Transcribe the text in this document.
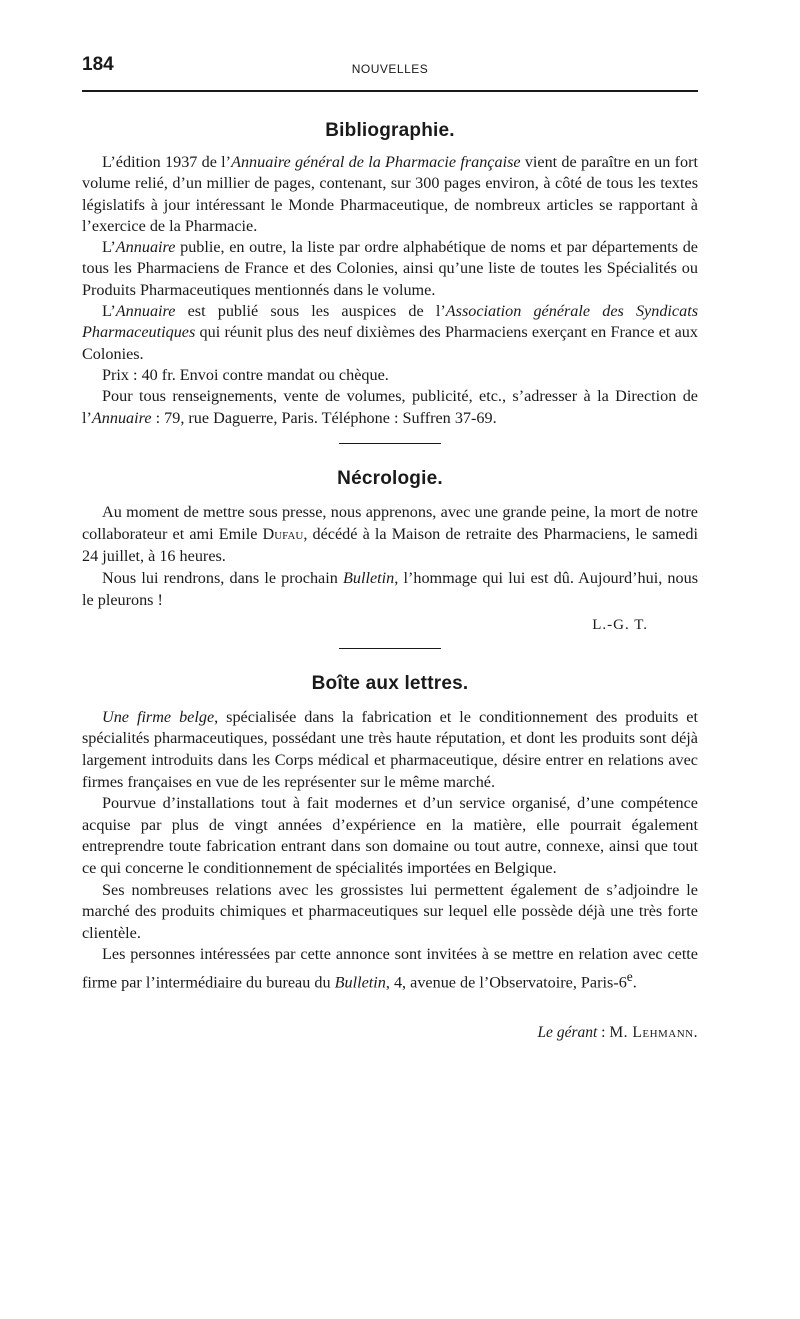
184	NOUVELLES
Bibliographie.

L’édition 1937 de l’Annuaire général de la Pharmacie française vient de paraître en un fort volume relié, d’un millier de pages, contenant, sur 300 pages environ, à côté de tous les textes législatifs à jour intéressant le Monde Pharmaceutique, de nombreux articles se rapportant à l’exercice de la Pharmacie.

L’Annuaire publie, en outre, la liste par ordre alphabétique de noms et par départements de tous les Pharmaciens de France et des Colonies, ainsi qu’une liste de toutes les Spécialités ou Produits Pharmaceutiques mentionnés dans le volume.

L’Annuaire est publié sous les auspices de l’Association générale des Syndicats Pharmaceutiques qui réunit plus des neuf dixièmes des Pharmaciens exerçant en France et aux Colonies.

Prix : 40 fr. Envoi contre mandat ou chèque.

Pour tous renseignements, vente de volumes, publicité, etc., s’adresser à la Direction de l’Annuaire : 79, rue Daguerre, Paris. Téléphone : Suffren 37-69.

Nécrologie.

Au moment de mettre sous presse, nous apprenons, avec une grande peine, la mort de notre collaborateur et ami Emile Dufau, décédé à la Maison de retraite des Pharmaciens, le samedi 24 juillet, à 16 heures.

Nous lui rendrons, dans le prochain Bulletin, l’hommage qui lui est dû. Aujourd’hui, nous le pleurons !

L.-G. T.
Boîte aux lettres.

Une firme belge, spécialisée dans la fabrication et le conditionnement des produits et spécialités pharmaceutiques, possédant une très haute réputation, et dont les produits sont déjà largement introduits dans les Corps médical et pharmaceutique, désire entrer en relations avec firmes françaises en vue de les représenter sur le même marché.

Pourvue d’installations tout à fait modernes et d’un service organisé, d’une compétence acquise par plus de vingt années d’expérience en la matière, elle pourrait également entreprendre toute fabrication entrant dans son domaine ou tout autre, connexe, ainsi que tout ce qui concerne le conditionnement de spécialités importées en Belgique.

Ses nombreuses relations avec les grossistes lui permettent également de s’adjoindre le marché des produits chimiques et pharmaceutiques sur lequel elle possède déjà une très forte clientèle.

Les personnes intéressées par cette annonce sont invitées à se mettre en relation avec cette firme par l’intermédiaire du bureau du Bulletin, 4, avenue de l’Observatoire, Paris-6e.

Le gérant : M. Lehmann.
